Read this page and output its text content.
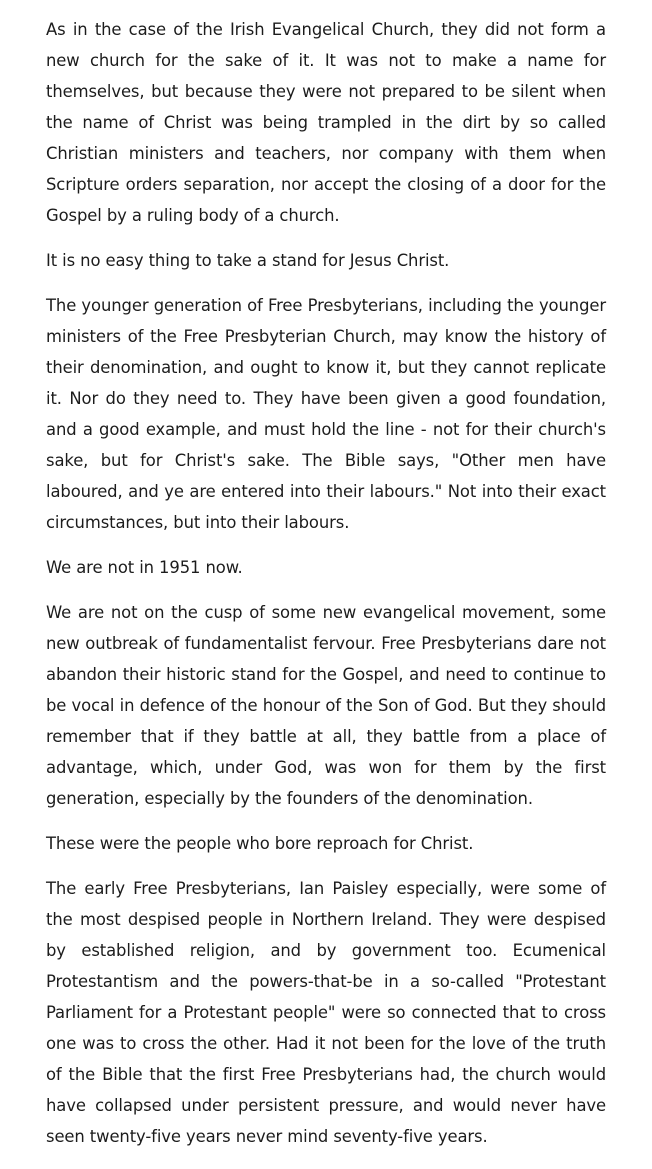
As in the case of the Irish Evangelical Church, they did not form a new church for the sake of it. It was not to make a name for themselves, but because they were not prepared to be silent when the name of Christ was being trampled in the dirt by so called Christian ministers and teachers, nor company with them when Scripture orders separation, nor accept the closing of a door for the Gospel by a ruling body of a church.

It is no easy thing to take a stand for Jesus Christ.

The younger generation of Free Presbyterians, including the younger ministers of the Free Presbyterian Church, may know the history of their denomination, and ought to know it, but they cannot replicate it. Nor do they need to. They have been given a good foundation, and a good example, and must hold the line - not for their church's sake, but for Christ's sake. The Bible says, "Other men have laboured, and ye are entered into their labours." Not into their exact circumstances, but into their labours.

We are not in 1951 now.

We are not on the cusp of some new evangelical movement, some new outbreak of fundamentalist fervour. Free Presbyterians dare not abandon their historic stand for the Gospel, and need to continue to be vocal in defence of the honour of the Son of God. But they should remember that if they battle at all, they battle from a place of advantage, which, under God, was won for them by the first generation, especially by the founders of the denomination.

These were the people who bore reproach for Christ.

The early Free Presbyterians, Ian Paisley especially, were some of the most despised people in Northern Ireland. They were despised by established religion, and by government too. Ecumenical Protestantism and the powers-that-be in a so-called "Protestant Parliament for a Protestant people" were so connected that to cross one was to cross the other. Had it not been for the love of the truth of the Bible that the first Free Presbyterians had, the church would have collapsed under persistent pressure, and would never have seen twenty-five years never mind seventy-five years.
